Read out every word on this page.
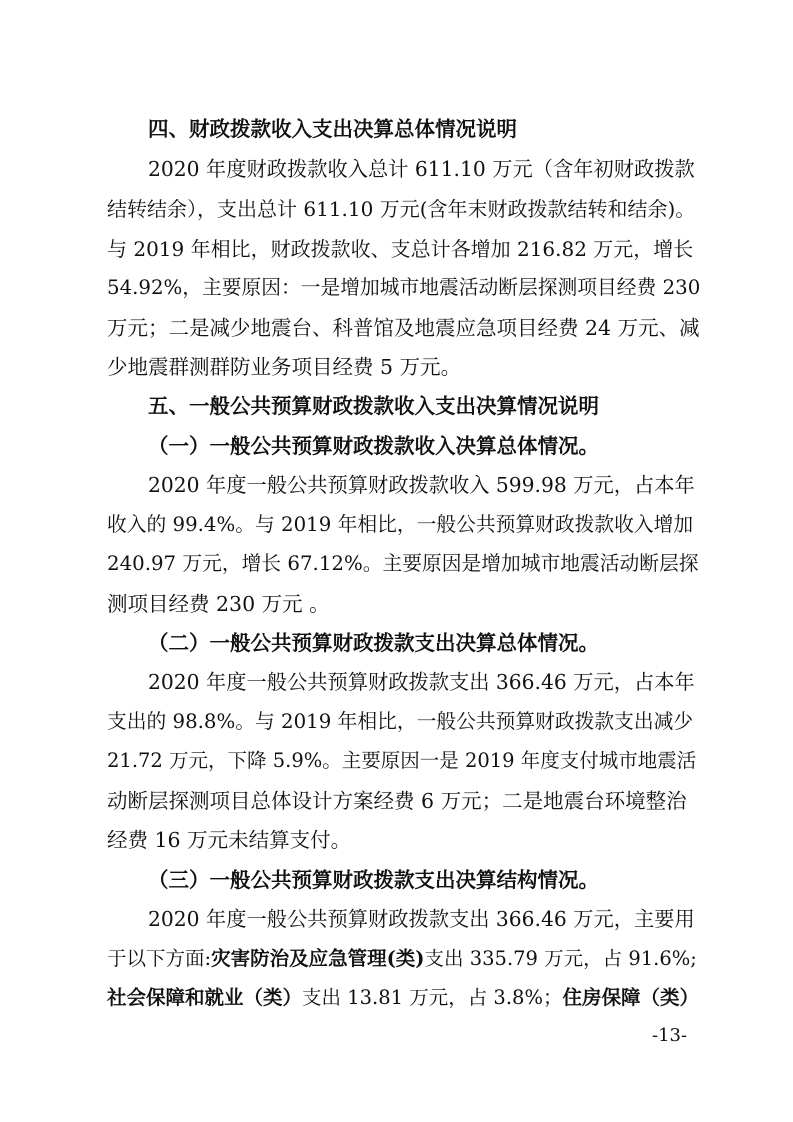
四、财政拨款收入支出决算总体情况说明
2020 年度财政拨款收入总计 611.10 万元（含年初财政拨款
结转结余），支出总计 611.10 万元(含年末财政拨款结转和结余)。
与 2019 年相比，财政拨款收、支总计各增加 216.82 万元，增长
54.92%，主要原因：一是增加城市地震活动断层探测项目经费 230
万元；二是减少地震台、科普馆及地震应急项目经费 24 万元、减
少地震群测群防业务项目经费 5 万元。
五、一般公共预算财政拨款收入支出决算情况说明
（一）一般公共预算财政拨款收入决算总体情况。
2020 年度一般公共预算财政拨款收入 599.98 万元，占本年
收入的 99.4%。与 2019 年相比，一般公共预算财政拨款收入增加
240.97 万元，增长 67.12%。主要原因是增加城市地震活动断层探
测项目经费 230 万元 。
（二）一般公共预算财政拨款支出决算总体情况。
2020 年度一般公共预算财政拨款支出 366.46 万元，占本年
支出的 98.8%。与 2019 年相比，一般公共预算财政拨款支出减少
21.72 万元，下降 5.9%。主要原因一是 2019 年度支付城市地震活
动断层探测项目总体设计方案经费 6 万元；二是地震台环境整治
经费 16 万元未结算支付。
（三）一般公共预算财政拨款支出决算结构情况。
2020 年度一般公共预算财政拨款支出 366.46 万元，主要用
于以下方面:灾害防治及应急管理(类)支出 335.79 万元，占 91.6%;
社会保障和就业（类）支出 13.81 万元，占 3.8%；住房保障（类）
-13-
